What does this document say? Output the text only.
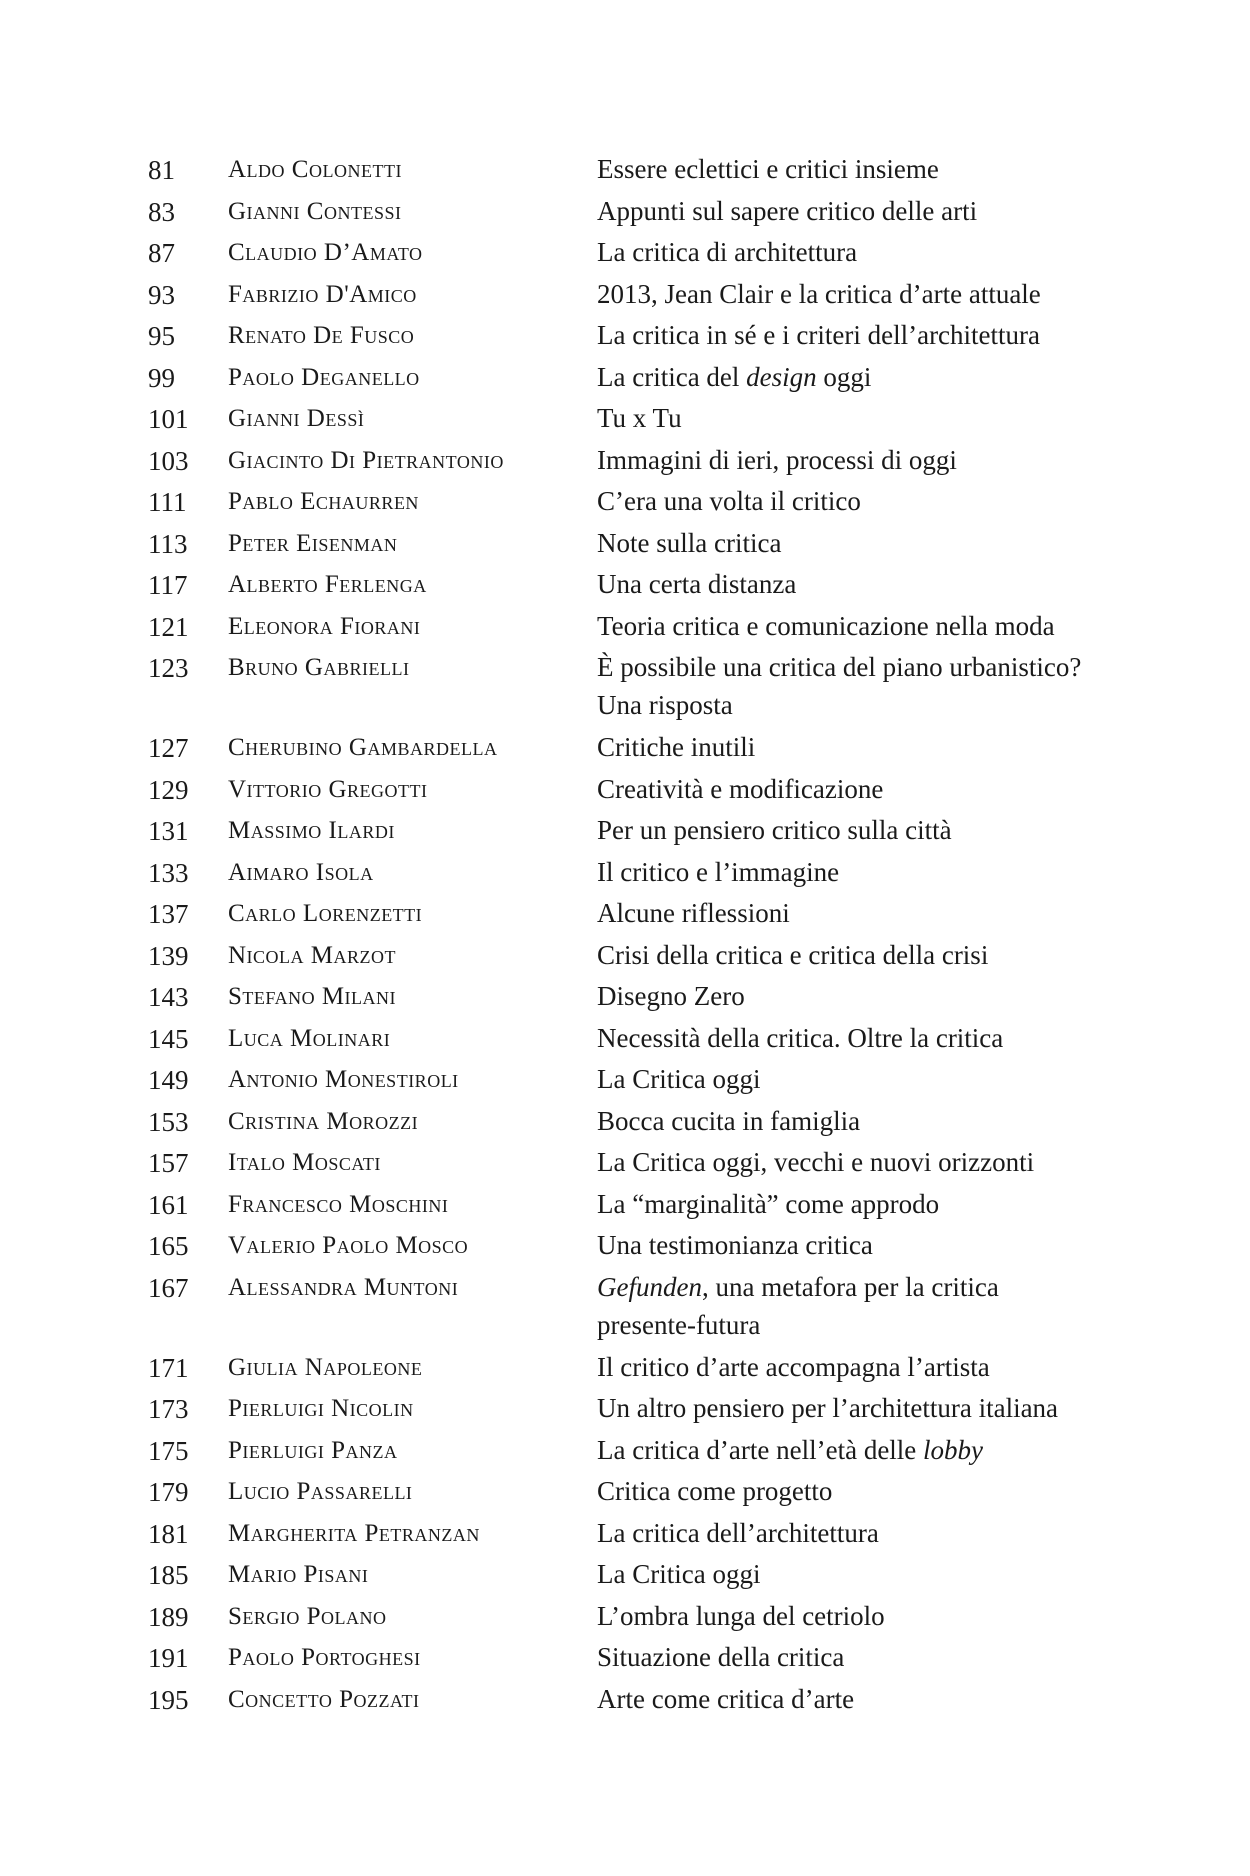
81	Aldo Colonetti	Essere eclettici e critici insieme
83	Gianni Contessi	Appunti sul sapere critico delle arti
87	Claudio D’Amato	La critica di architettura
93	Fabrizio D'Amico	2013, Jean Clair e la critica d’arte attuale
95	Renato De Fusco	La critica in sé e i criteri dell’architettura
99	Paolo Deganello	La critica del design oggi
101	Gianni Dessì	Tu x Tu
103	Giacinto Di Pietrantonio	Immagini di ieri, processi di oggi
111	Pablo Echaurren	C’era una volta il critico
113	Peter Eisenman	Note sulla critica
117	Alberto Ferlenga	Una certa distanza
121	Eleonora Fiorani	Teoria critica e comunicazione nella moda
123	Bruno Gabrielli	È possibile una critica del piano urbanistico?
Una risposta
127	Cherubino Gambardella	Critiche inutili
129	Vittorio Gregotti	Creatività e modificazione
131	Massimo Ilardi	Per un pensiero critico sulla città
133	Aimaro Isola	Il critico e l’immagine
137	Carlo Lorenzetti	Alcune riflessioni
139	Nicola Marzot	Crisi della critica e critica della crisi
143	Stefano Milani	Disegno Zero
145	Luca Molinari	Necessità della critica. Oltre la critica
149	Antonio Monestiroli	La Critica oggi
153	Cristina Morozzi	Bocca cucita in famiglia
157	Italo Moscati	La Critica oggi, vecchi e nuovi orizzonti
161	Francesco Moschini	La “marginalità” come approdo
165	Valerio Paolo Mosco	Una testimonianza critica
167	Alessandra Muntoni	Gefunden, una metafora per la critica
presente-futura
171	Giulia Napoleone	Il critico d’arte accompagna l’artista
173	Pierluigi Nicolin	Un altro pensiero per l’architettura italiana
175	Pierluigi Panza	La critica d’arte nell’età delle lobby
179	Lucio Passarelli	Critica come progetto
181	Margherita Petranzan	La critica dell’architettura
185	Mario Pisani	La Critica oggi
189	Sergio Polano	L’ombra lunga del cetriolo
191	Paolo Portoghesi	Situazione della critica
195	Concetto Pozzati	Arte come critica d’arte
